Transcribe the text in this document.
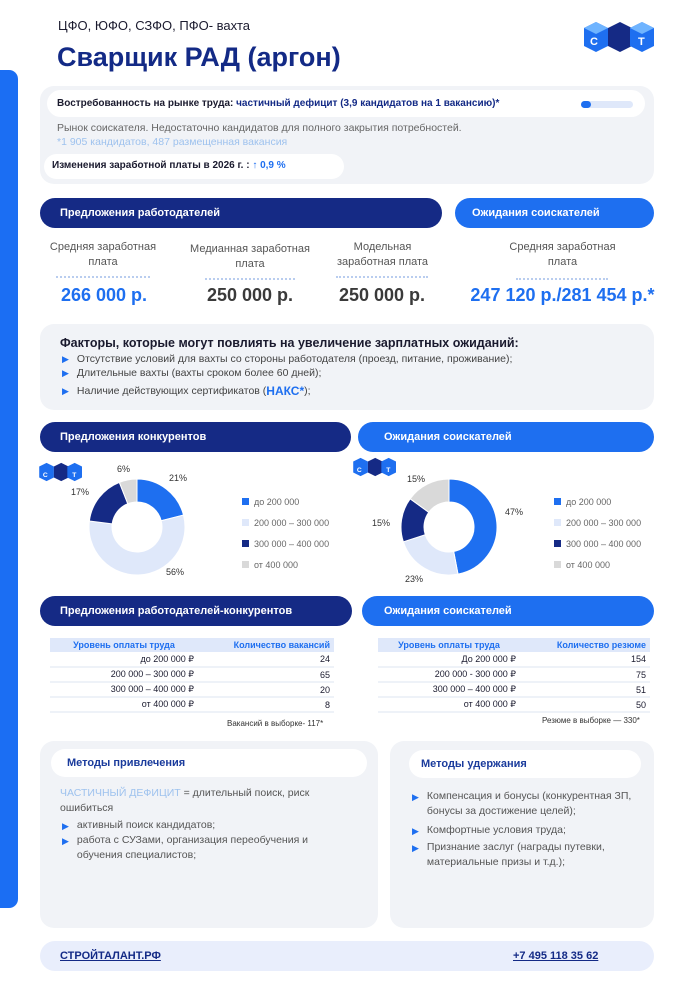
ЦФО, ЮФО, СЗФО, ПФО- вахта
Сварщик РАД (аргон)	С	Т
Востребованность на рынке труда: частичный дефицит (3,9 кандидатов на 1 вакансию)*
Рынок соискателя. Недостаточно кандидатов для полного закрытия потребностей.
*1 905 кандидатов, 487 размещенная вакансия
Изменения заработной платы в 2026 г. : ↑ 0,9 %
Предложения работодателей	Ожидания соискателей
Средняя заработная плата
266 000 р.
Медианная заработная плата
250 000 р.
Модельная заработная плата
250 000 р.
Средняя заработная плата
247 120 р./281 454 р.*
Факторы, которые могут повлиять на увеличение зарплатных ожиданий:
▶ Отсутствие условий для вахты со стороны работодателя (проезд, питание, проживание);
▶ Длительные вахты (вахты сроком более 60 дней);
▶ Наличие действующих сертификатов ( НАКС* );
Предложения конкурентов	Ожидания соискателей
С Т	21%
56%
17%
6%
до 200 000
200 000 – 300 000
300 000 – 400 000
от 400 000
С Т
47%
23%
15%
15%
до 200 000
200 000 – 300 000
300 000 – 400 000
от 400 000
Предложения работодателей-конкурентов	Ожидания соискателей
Уровень оплаты труда	Количество вакансий
до 200 000 ₽	24
200 000 – 300 000 ₽	65
300 000 – 400 000 ₽	20
от 400 000 ₽	8
Вакансий в выборке- 117*
Уровень оплаты труда	Количество резюме
До 200 000 ₽	154
200 000 - 300 000 ₽	75
300 000 – 400 000 ₽	51
от 400 000 ₽	50
Резюме в выборке — 330*
Методы привлечения
ЧАСТИЧНЫЙ ДЕФИЦИТ = длительный поиск, риск ошибиться
▶ активный поиск кандидатов;
▶ работа с СУЗами, организация переобучения и обучения специалистов;
Методы удержания
▶ Компенсация и бонусы (конкурентная ЗП, бонусы за достижение целей);
▶ Комфортные условия труда;
▶ Признание заслуг (награды путевки, материальные призы и т.д.);
СТРОЙТАЛАНТ.РФ	+7 495 118 35 62
